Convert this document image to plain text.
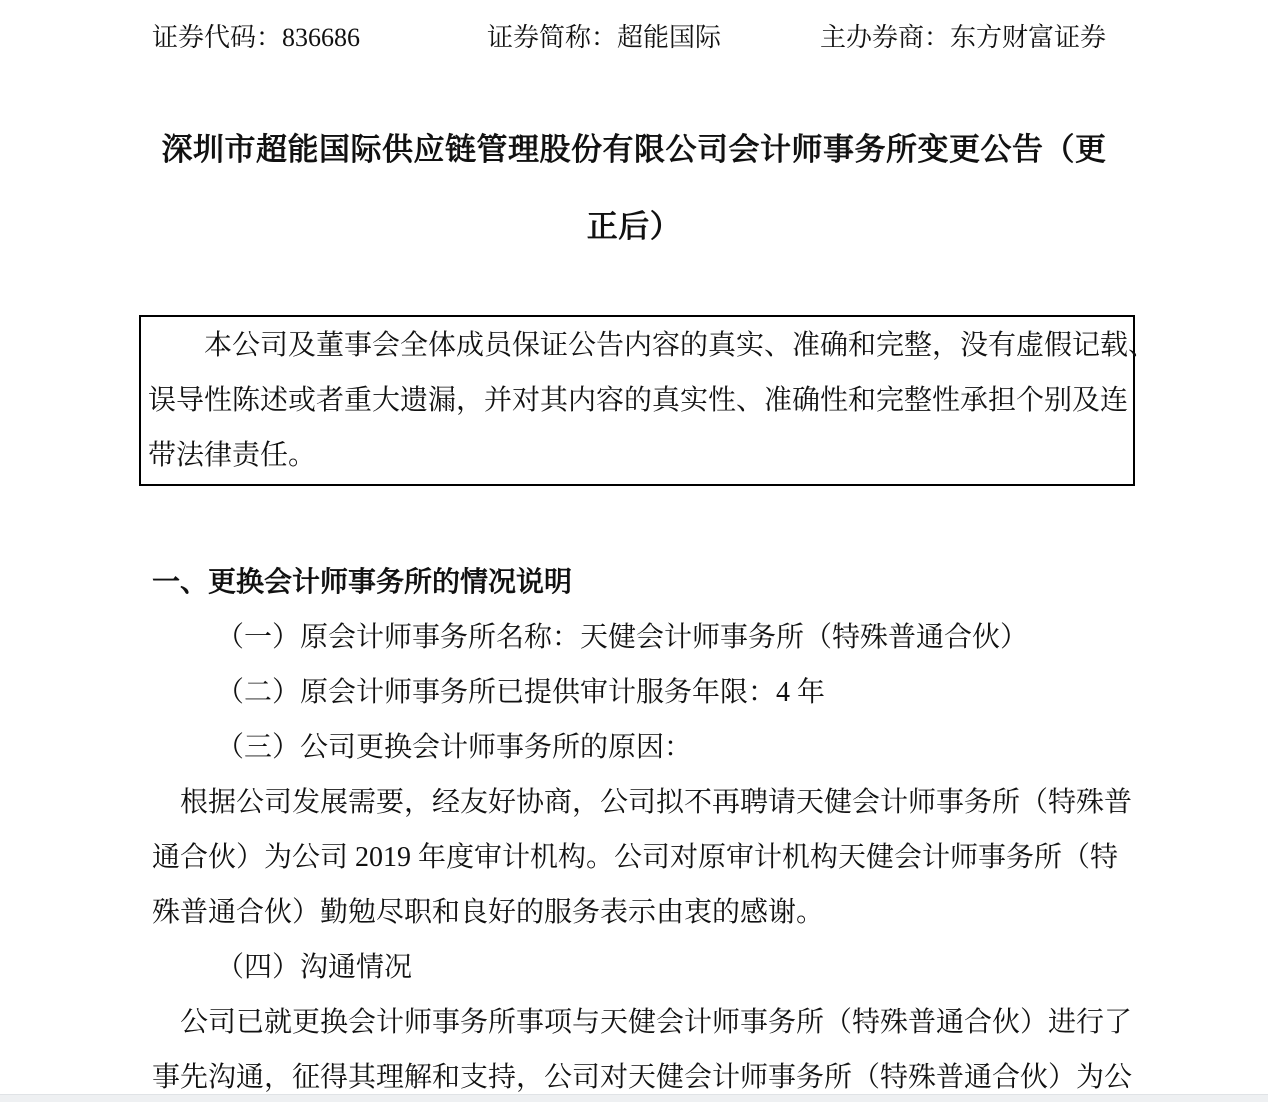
证券代码：836686	证券简称：超能国际	主办券商：东方财富证券
深圳市超能国际供应链管理股份有限公司会计师事务所变更公告（更
正后）
本公司及董事会全体成员保证公告内容的真实、准确和完整，没有虚假记载、
误导性陈述或者重大遗漏，并对其内容的真实性、准确性和完整性承担个别及连
带法律责任。
一、更换会计师事务所的情况说明
（一）原会计师事务所名称：天健会计师事务所（特殊普通合伙）
（二）原会计师事务所已提供审计服务年限：4 年
（三）公司更换会计师事务所的原因：
根据公司发展需要，经友好协商，公司拟不再聘请天健会计师事务所（特殊普
通合伙）为公司 2019 年度审计机构。公司对原审计机构天健会计师事务所（特
殊普通合伙）勤勉尽职和良好的服务表示由衷的感谢。
（四）沟通情况
公司已就更换会计师事务所事项与天健会计师事务所（特殊普通合伙）进行了
事先沟通，征得其理解和支持，公司对天健会计师事务所（特殊普通合伙）为公
